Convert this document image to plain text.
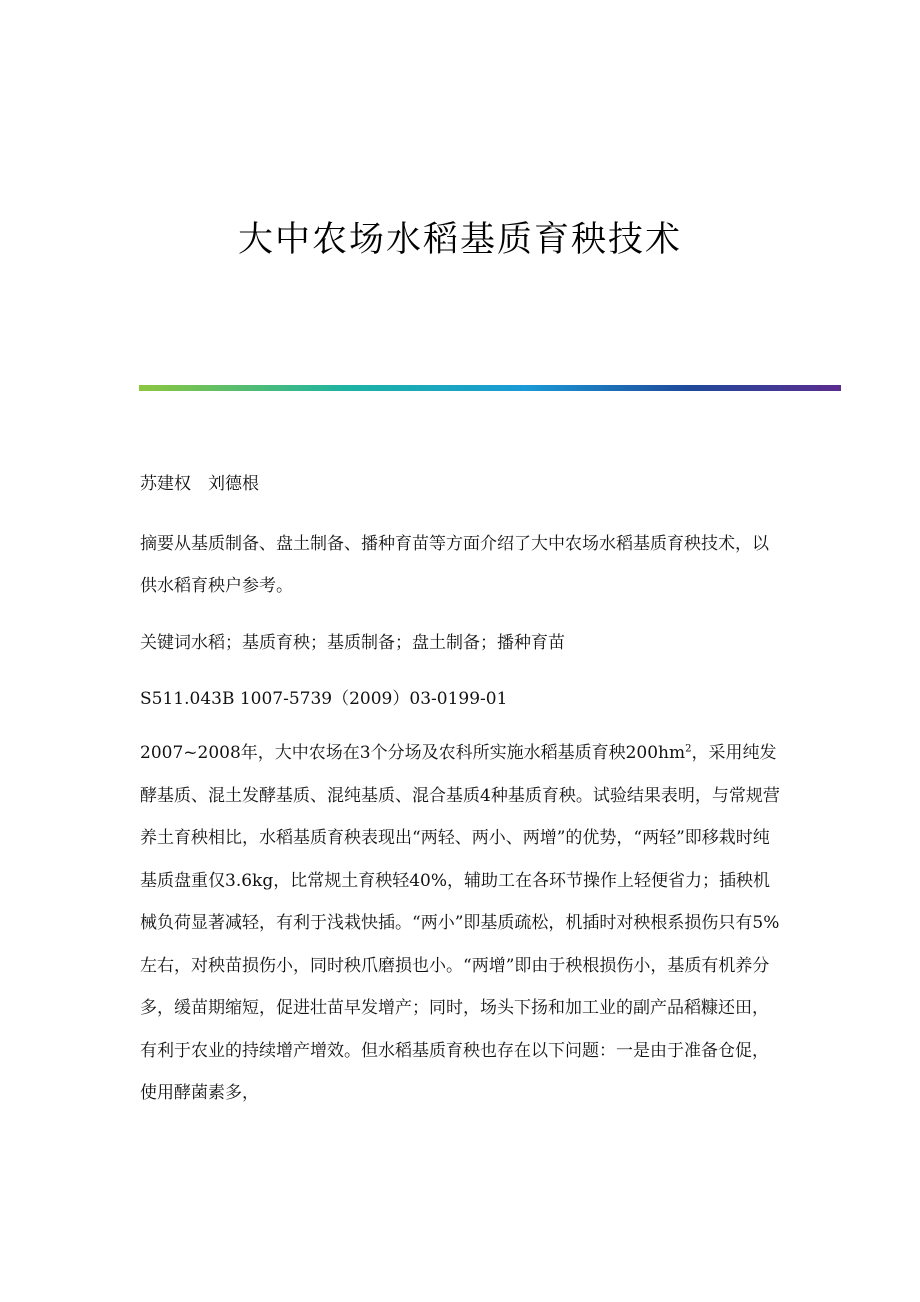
大中农场水稻基质育秧技术

苏建权　刘德根

摘要从基质制备、盘土制备、播种育苗等方面介绍了大中农场水稻基质育秧技术，以供水稻育秧户参考。

关键词水稻；基质育秧；基质制备；盘土制备；播种育苗

S511.043B 1007-5739（2009）03-0199-01

2007~2008年，大中农场在3个分场及农科所实施水稻基质育秧$200hm^2$，采用纯发酵基质、混土发酵基质、混纯基质、混合基质4种基质育秧。试验结果表明，与常规营养土育秧相比，水稻基质育秧表现出“两轻、两小、两增”的优势，“两轻”即移栽时纯基质盘重仅3.6kg，比常规土育秧轻40%，辅助工在各环节操作上轻便省力；插秧机械负荷显著减轻，有利于浅栽快插。“两小”即基质疏松，机插时对秧根系损伤只有5%左右，对秧苗损伤小，同时秧爪磨损也小。“两增”即由于秧根损伤小，基质有机养分多，缓苗期缩短，促进壮苗早发增产；同时，场头下扬和加工业的副产品稻糠还田，有利于农业的持续增产增效。但水稻基质育秧也存在以下问题：一是由于准备仓促，使用酵菌素多，
